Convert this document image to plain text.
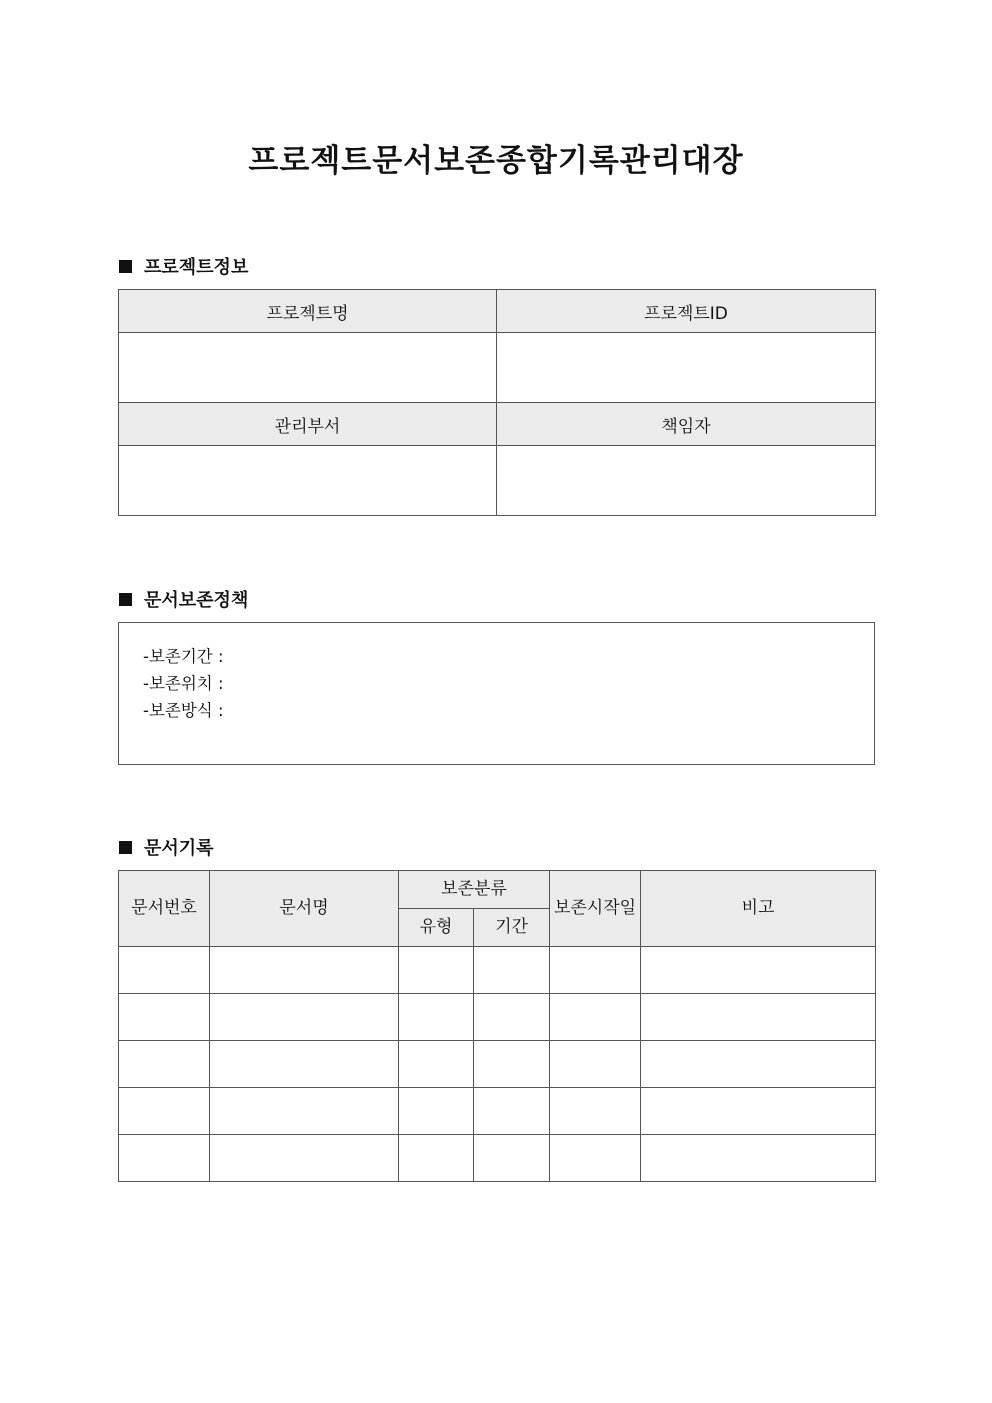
프로젝트문서보존종합기록관리대장
프로젝트정보
프로젝트명	프로젝트ID

관리부서	책임자

문서보존정책
-보존기간 :
-보존위치 :
-보존방식 :
문서기록
문서번호	문서명	보존분류		보존시작일	비고
		유형	기간		
